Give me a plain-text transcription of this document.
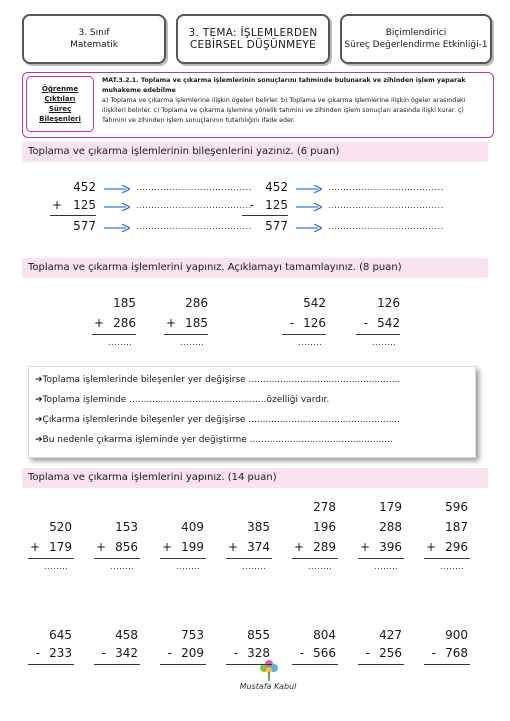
3. Sınıf
Matematik
3. TEMA: İŞLEMLERDEN
CEBİRSEL DÜŞÜNMEYE
Biçimlendirici
Süreç Değerlendirme Etkinliği-1
Öğrenme Çıktıları
Süreç Bileşenleri
MAT.3.2.1. Toplama ve çıkarma işlemlerinin sonuçlarını tahminde bulunarak ve zihinden işlem yaparak muhakeme edebilme
a) Toplama ve çıkarma işlemlerine ilişkin ögeleri belirler. b) Toplama ve çıkarma işlemlerine ilişkin ögeler arasındaki ilişkileri belirler. c) Toplama ve çıkarma işlemine yönelik tahmini ve zihinden işlem sonuçları arasında ilişki kurar. ç) Tahmini ve zihinden işlem sonuçlarının tutarlılığını ifade eder.
Toplama ve çıkarma işlemlerinin bileşenlerini yazınız. (6 puan)
Toplama ve çıkarma işlemlerini yapınız. Açıklamayı tamamlayınız. (8 puan)
➔Toplama işlemlerinde bileşenler yer değişirse .....................................................
➔Toplama işleminde ................................................özelliği vardır.
➔Çıkarma işlemlerinde bileşenler yer değişirse .....................................................
➔Bu nedenle çıkarma işleminde yer değiştirme ..................................................
Toplama ve çıkarma işlemlerini yapınız. (14 puan)
Mustafa Kabul
452
+ 125
577
......................................
......................................
......................................
452
- 125
577
......................................
......................................
......................................
185
+ 286
........
286
+ 185
........
542
- 126
........
126
- 542
........
520
+ 179
........
153
+ 856
........
409
+ 199
........
385
+ 374
........
278
196
+ 289
........
179
288
+ 396
........
596
187
+ 296
........
645
- 233
458
- 342
753
- 209
855
- 328
804
- 566
427
- 256
900
- 768
